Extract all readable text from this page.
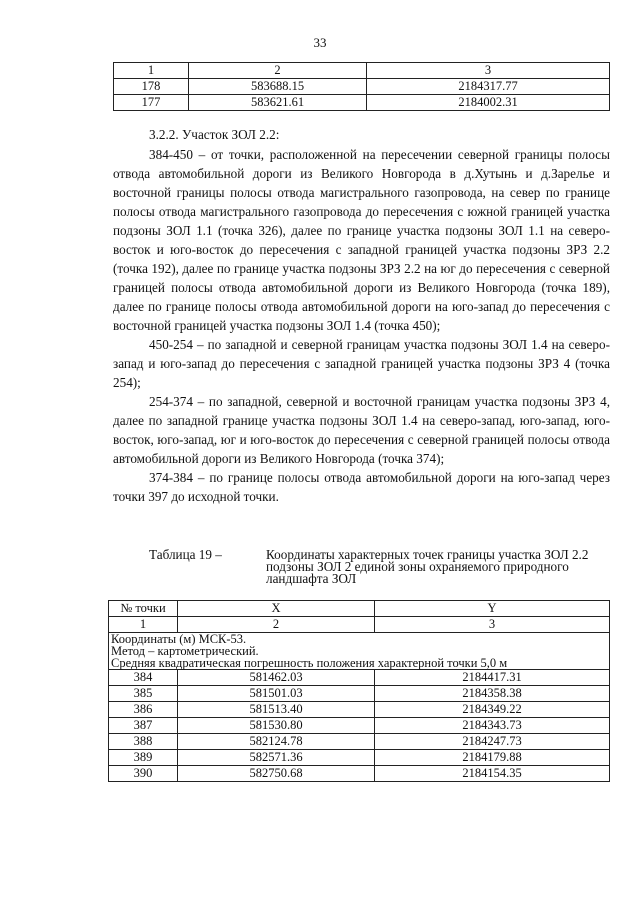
33
1	2	3
178	583688.15	2184317.77
177	583621.61	2184002.31

3.2.2. Участок ЗОЛ 2.2:

384-450 – от точки, расположенной на пересечении северной границы полосы отвода автомобильной дороги из Великого Новгорода в д.Хутынь и д.Зарелье и восточной границы полосы отвода магистрального газопровода, на север по границе полосы отвода магистрального газопровода до пересечения с южной границей участка подзоны ЗОЛ 1.1 (точка 326), далее по границе участка подзоны ЗОЛ 1.1 на северо-восток и юго-восток до пересечения с западной границей участка подзоны ЗРЗ 2.2 (точка 192), далее по границе участка подзоны ЗРЗ 2.2 на юг до пересечения с северной границей полосы отвода автомобильной дороги из Великого Новгорода (точка 189), далее по границе полосы отвода автомобильной дороги на юго-запад до пересечения с восточной границей участка подзоны ЗОЛ 1.4 (точка 450);

450-254 – по западной и северной границам участка подзоны ЗОЛ 1.4 на северо-запад и юго-запад до пересечения с западной границей участка подзоны ЗРЗ 4 (точка 254);

254-374 – по западной, северной и восточной границам участка подзоны ЗРЗ 4, далее по западной границе участка подзоны ЗОЛ 1.4 на северо-запад, юго-запад, юго-восток, юго-запад, юг и юго-восток до пересечения с северной границей полосы отвода автомобильной дороги из Великого Новгорода (точка 374);

374-384 – по границе полосы отвода автомобильной дороги на юго-запад через точки 397 до исходной точки.

Таблица 19 –	Координаты характерных точек границы участка ЗОЛ 2.2
подзоны ЗОЛ 2 единой зоны охраняемого природного
ландшафта ЗОЛ
№ точки	X	Y
1	2	3

Координаты (м) МСК-53.
Метод – картометрический.
Средняя квадратическая погрешность положения характерной точки 5,0 м		

384	581462.03	2184417.31
385	581501.03	2184358.38
386	581513.40	2184349.22
387	581530.80	2184343.73
388	582124.78	2184247.73
389	582571.36	2184179.88
390	582750.68	2184154.35
